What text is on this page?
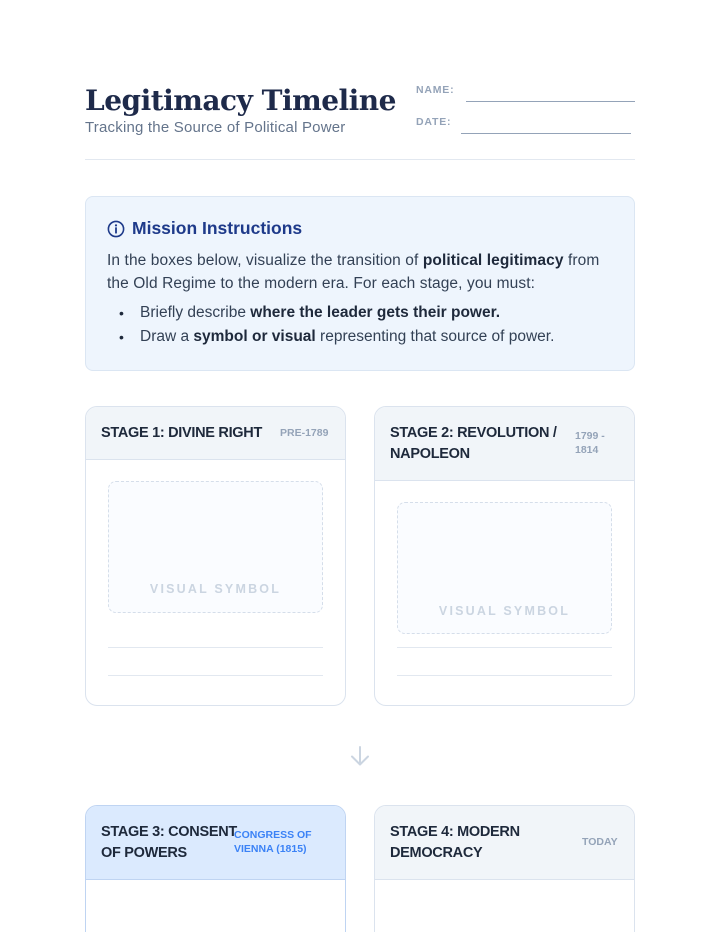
Legitimacy Timeline
Tracking the Source of Political Power
NAME:
DATE:
Mission Instructions
In the boxes below, visualize the transition of political legitimacy from the Old Regime to the modern era. For each stage, you must:
•	Briefly describe where the leader gets their power.
•	Draw a symbol or visual representing that source of power.
STAGE 1: DIVINE RIGHT	PRE-1789
VISUAL SYMBOL
STAGE 2: REVOLUTION / NAPOLEON
1799 - 1814
VISUAL SYMBOL
STAGE 3: CONSENT OF POWERS
CONGRESS OF VIENNA (1815)
STAGE 4: MODERN DEMOCRACY
TODAY
